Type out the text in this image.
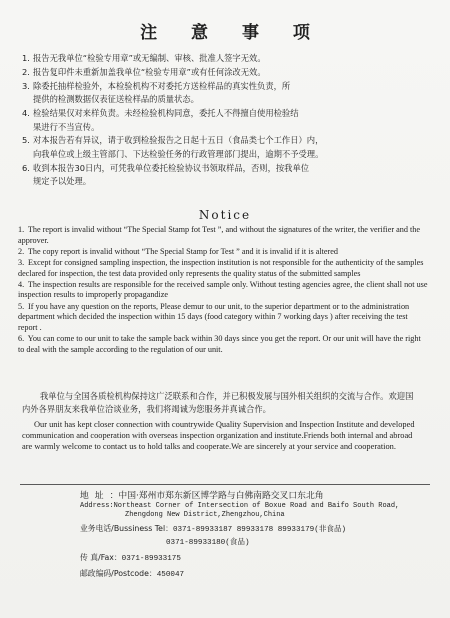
注 意 事 项
1. 报告无我单位“检验专用章”或无编制、审核、批准人签字无效。
2. 报告复印件未重新加盖我单位“检验专用章”或有任何涂改无效。
3. 除委托抽样检验外，本检验机构不对委托方送检样品的真实性负责，所
提供的检测数据仅表征送检样品的质量状态。
4. 检验结果仅对来样负责。未经检验机构同意，委托人不得擅自使用检验结
果进行不当宣传。
5. 对本报告若有异议，请于收到检验报告之日起十五日（食品类七个工作日）内，
向我单位或上级主管部门、下达检验任务的行政管理部门提出，逾期不予受理。
6. 收到本报告30日内，可凭我单位委托检验协议书领取样品，否则，按我单位
规定予以处理。
Notice
1. The report is invalid without “The Special Stamp fot Test ”, and without the signatures of the writer, the verifier and the approver.
2. The copy report is invalid without “The Special Stamp for Test ” and it is invalid if it is altered
3. Except for consigned sampling inspection, the inspection institution is not responsible for the authenticity of the samples declared for inspection, the test data provided only represents the quality status of the submitted samples
4. The inspection results are responsible for the received sample only. Without testing agencies agree, the client shall not use inspection results to improperly propagandize
5. If you have any question on the reports, Please demur to our unit, to the superior department or to the administration department which decided the inspection within 15 days (food category within 7 working days ) after receiving the test report .
6. You can come to our unit to take the sample back within 30 days since you get the report. Or our unit will have the right to deal with the sample according to the regulation of our unit.
我单位与全国各质检机构保持这广泛联系和合作，并已积极发展与国外相关组织的交流与合作。欢迎国内外各界朋友来我单位洽谈业务，我们将竭诚为您服务并真诚合作。
Our unit has kept closer connection with countrywide Quality Supervision and Inspection Institute and developed communication and cooperation with overseas inspection organization and institute.Friends both internal and abroad are warmly welcome to contact us to hold talks and cooperate.We are sincerely at your service and cooperation.
地址：中国·郑州市郑东新区博学路与白佛南路交叉口东北角
Address:Northeast Corner of Intersection of Boxue Road and Baifo South Road,
Zhengdong New District,Zhengzhou,China
业务电话/Bussiness Tel：0371-89933187 89933178 89933179(非食品)
0371-89933180(食品)
传 真/Fax：0371-89933175
邮政编码/Postcode：450047
